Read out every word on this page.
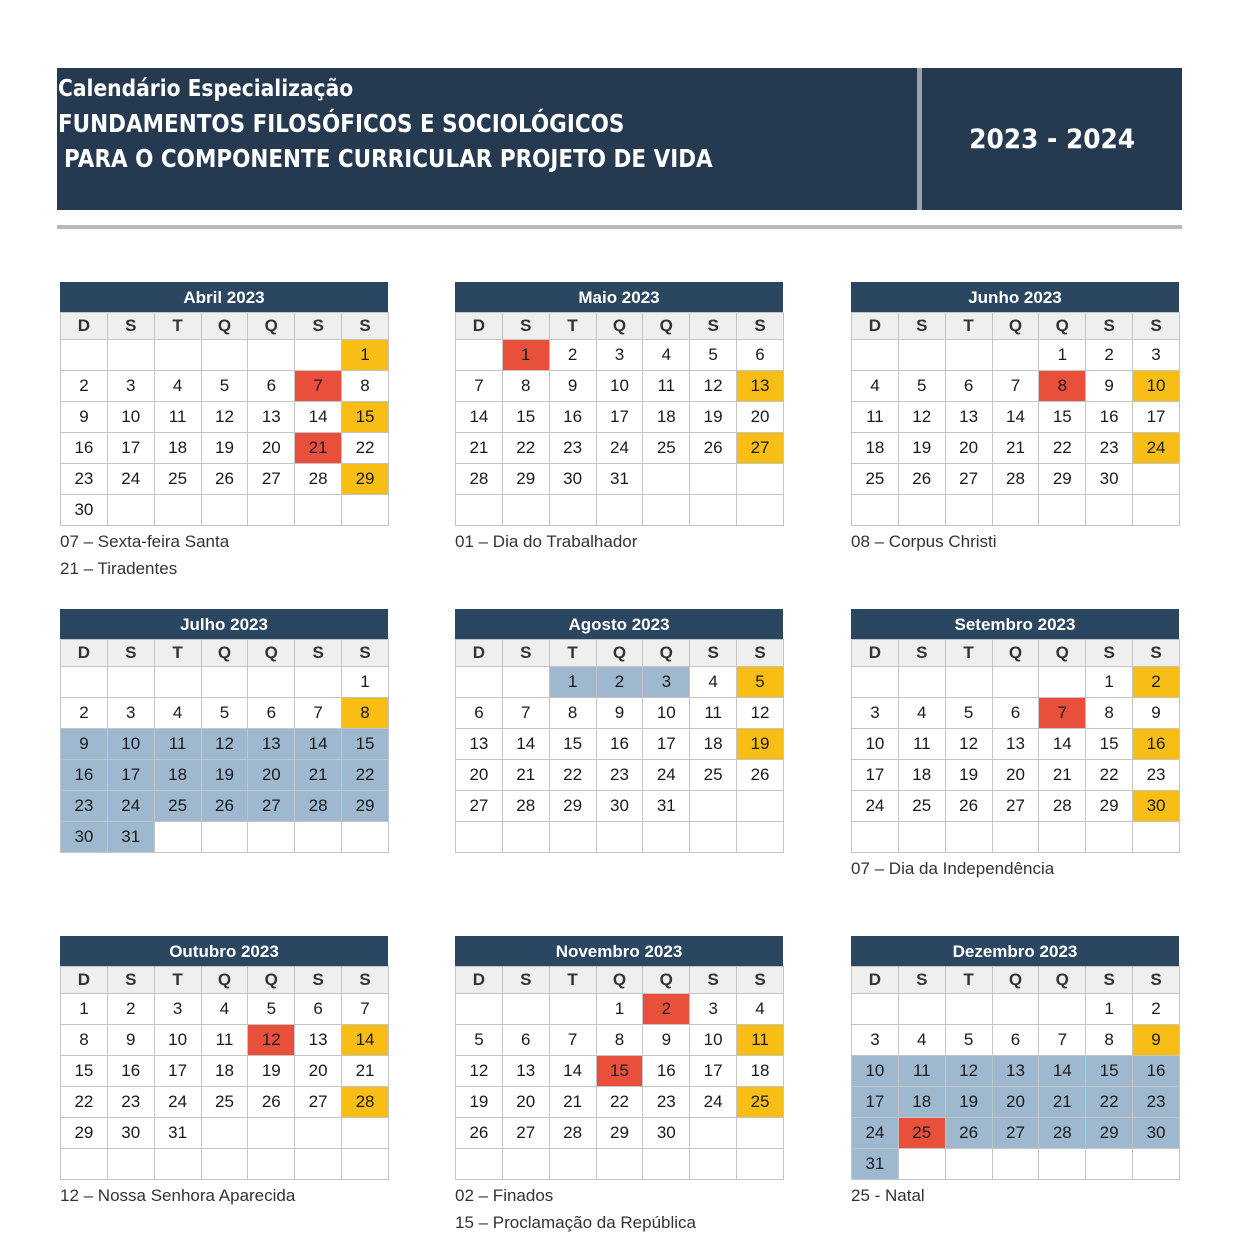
Calendário Especialização
FUNDAMENTOS FILOSÓFICOS E SOCIOLÓGICOS
PARA O COMPONENTE CURRICULAR PROJETO DE VIDA
2023 - 2024
Abril 2023
D	S	T	Q	Q	S	S
						1
2	3	4	5	6	7	8
9	10	11	12	13	14	15
16	17	18	19	20	21	22
23	24	25	26	27	28	29
30						
07 – Sexta-feira Santa
21 – Tiradentes
Maio 2023
D	S	T	Q	Q	S	S
	1	2	3	4	5	6
7	8	9	10	11	12	13
14	15	16	17	18	19	20
21	22	23	24	25	26	27
28	29	30	31			

01 – Dia do Trabalhador
Junho 2023
D	S	T	Q	Q	S	S
				1	2	3
4	5	6	7	8	9	10
11	12	13	14	15	16	17
18	19	20	21	22	23	24
25	26	27	28	29	30	

08 – Corpus Christi
Julho 2023
D	S	T	Q	Q	S	S
						1
2	3	4	5	6	7	8
9	10	11	12	13	14	15
16	17	18	19	20	21	22
23	24	25	26	27	28	29
30	31					
Agosto 2023
D	S	T	Q	Q	S	S
		1	2	3	4	5
6	7	8	9	10	11	12
13	14	15	16	17	18	19
20	21	22	23	24	25	26
27	28	29	30	31		

Setembro 2023
D	S	T	Q	Q	S	S
					1	2
3	4	5	6	7	8	9
10	11	12	13	14	15	16
17	18	19	20	21	22	23
24	25	26	27	28	29	30

07 – Dia da Independência
Outubro 2023
D	S	T	Q	Q	S	S
1	2	3	4	5	6	7
8	9	10	11	12	13	14
15	16	17	18	19	20	21
22	23	24	25	26	27	28
29	30	31				

12 – Nossa Senhora Aparecida
Novembro 2023
D	S	T	Q	Q	S	S
			1	2	3	4
5	6	7	8	9	10	11
12	13	14	15	16	17	18
19	20	21	22	23	24	25
26	27	28	29	30		

02 – Finados
15 – Proclamação da República
Dezembro 2023
D	S	T	Q	Q	S	S
					1	2
3	4	5	6	7	8	9
10	11	12	13	14	15	16
17	18	19	20	21	22	23
24	25	26	27	28	29	30
31						
25 - Natal
